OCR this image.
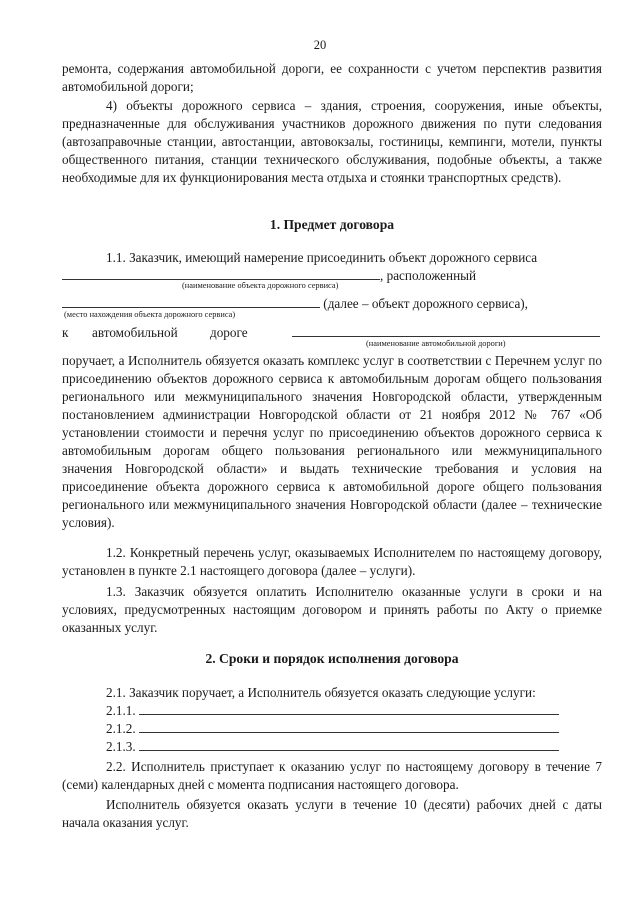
20

ремонта, содержания автомобильной дороги, ее сохранности с учетом перспектив развития автомобильной дороги;

4) объекты дорожного сервиса – здания, строения, сооружения, иные объекты, предназначенные для обслуживания участников дорожного движения по пути следования (автозаправочные станции, автостанции, автовокзалы, гостиницы, кемпинги, мотели, пункты общественного питания, станции технического обслуживания, подобные объекты, а также необходимые для их функционирования места отдыха и стоянки транспортных средств).

1. Предмет договора

1.1. Заказчик, имеющий намерение присоединить объект дорожного сервиса

, расположенный
(наименование объекта дорожного сервиса)
(далее – объект дорожного сервиса),
(место нахождения объекта дорожного сервиса)
к автомобильной дороге
(наименование автомобильной дороги)

поручает, а Исполнитель обязуется оказать комплекс услуг в соответствии с Перечнем услуг по присоединению объектов дорожного сервиса к автомобильным дорогам общего пользования регионального или межмуниципального значения Новгородской области, утвержденным постановлением администрации Новгородской области от 21 ноября 2012 № 767 «Об установлении стоимости и перечня услуг по присоединению объектов дорожного сервиса к автомобильным дорогам общего пользования регионального или межмуниципального значения Новгородской области» и выдать технические требования и условия на присоединение объекта дорожного сервиса к автомобильной дороге общего пользования регионального или межмуниципального значения Новгородской области (далее – технические условия).

1.2. Конкретный перечень услуг, оказываемых Исполнителем по настоящему договору, установлен в пункте 2.1 настоящего договора (далее – услуги).

1.3. Заказчик обязуется оплатить Исполнителю оказанные услуги в сроки и на условиях, предусмотренных настоящим договором и принять работы по Акту о приемке оказанных услуг.

2. Сроки и порядок исполнения договора

2.1. Заказчик поручает, а Исполнитель обязуется оказать следующие услуги:

2.1.1.
2.1.2.
2.1.3.

2.2. Исполнитель приступает к оказанию услуг по настоящему договору в течение 7 (семи) календарных дней с момента подписания настоящего договора.

Исполнитель обязуется оказать услуги в течение 10 (десяти) рабочих дней с даты начала оказания услуг.
